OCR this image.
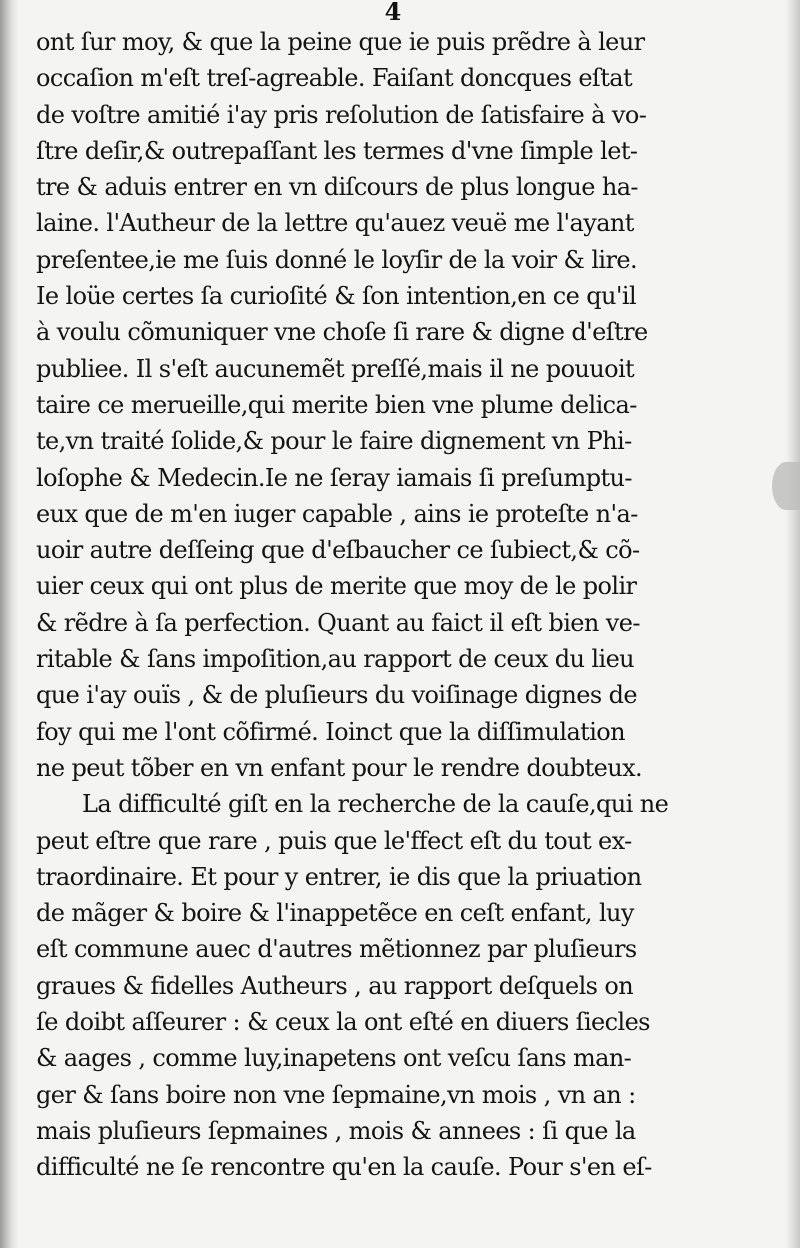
4
ont ſur moy, & que la peine que ie puis prẽdre à leur
occaſion m'eſt treſ-agreable. Faiſant doncques eſtat
de voſtre amitié i'ay pris reſolution de ſatisfaire à vo-
ſtre deſir,& outrepaſſant les termes d'vne ſimple let-
tre & aduis entrer en vn diſcours de plus longue ha-
laine. l'Autheur de la lettre qu'auez veuë me l'ayant
preſentee,ie me ſuis donné le loyſir de la voir & lire.
Ie loüe certes ſa curioſité & ſon intention,en ce qu'il
à voulu cõmuniquer vne choſe ſi rare & digne d'eſtre
publiee. Il s'eſt aucunemẽt preſſé,mais il ne pouuoit
taire ce merueille,qui merite bien vne plume delica-
te,vn traité ſolide,& pour le faire dignement vn Phi-
loſophe & Medecin.Ie ne ſeray iamais ſi preſumptu-
eux que de m'en iuger capable , ains ie proteſte n'a-
uoir autre deſſeing que d'eſbaucher ce ſubiect,& cõ-
uier ceux qui ont plus de merite que moy de le polir
& rẽdre à ſa perfection. Quant au faict il eſt bien ve-
ritable & ſans impoſition,au rapport de ceux du lieu
que i'ay ouïs , & de pluſieurs du voiſinage dignes de
foy qui me l'ont cõfirmé. Ioinct que la diſſimulation
ne peut tõber en vn enfant pour le rendre doubteux.
La difficulté giſt en la recherche de la cauſe,qui ne
peut eſtre que rare , puis que le'ffect eſt du tout ex-
traordinaire. Et pour y entrer, ie dis que la priuation
de mãger & boire & l'inappetẽce en ceſt enfant, luy
eſt commune auec d'autres mẽtionnez par pluſieurs
graues & fidelles Autheurs , au rapport deſquels on
ſe doibt aſſeurer : & ceux la ont eſté en diuers ſiecles
& aages , comme luy,inapetens ont veſcu ſans man-
ger & ſans boire non vne ſepmaine,vn mois , vn an :
mais pluſieurs ſepmaines , mois & annees : ſi que la
difficulté ne ſe rencontre qu'en la cauſe. Pour s'en eſ-
